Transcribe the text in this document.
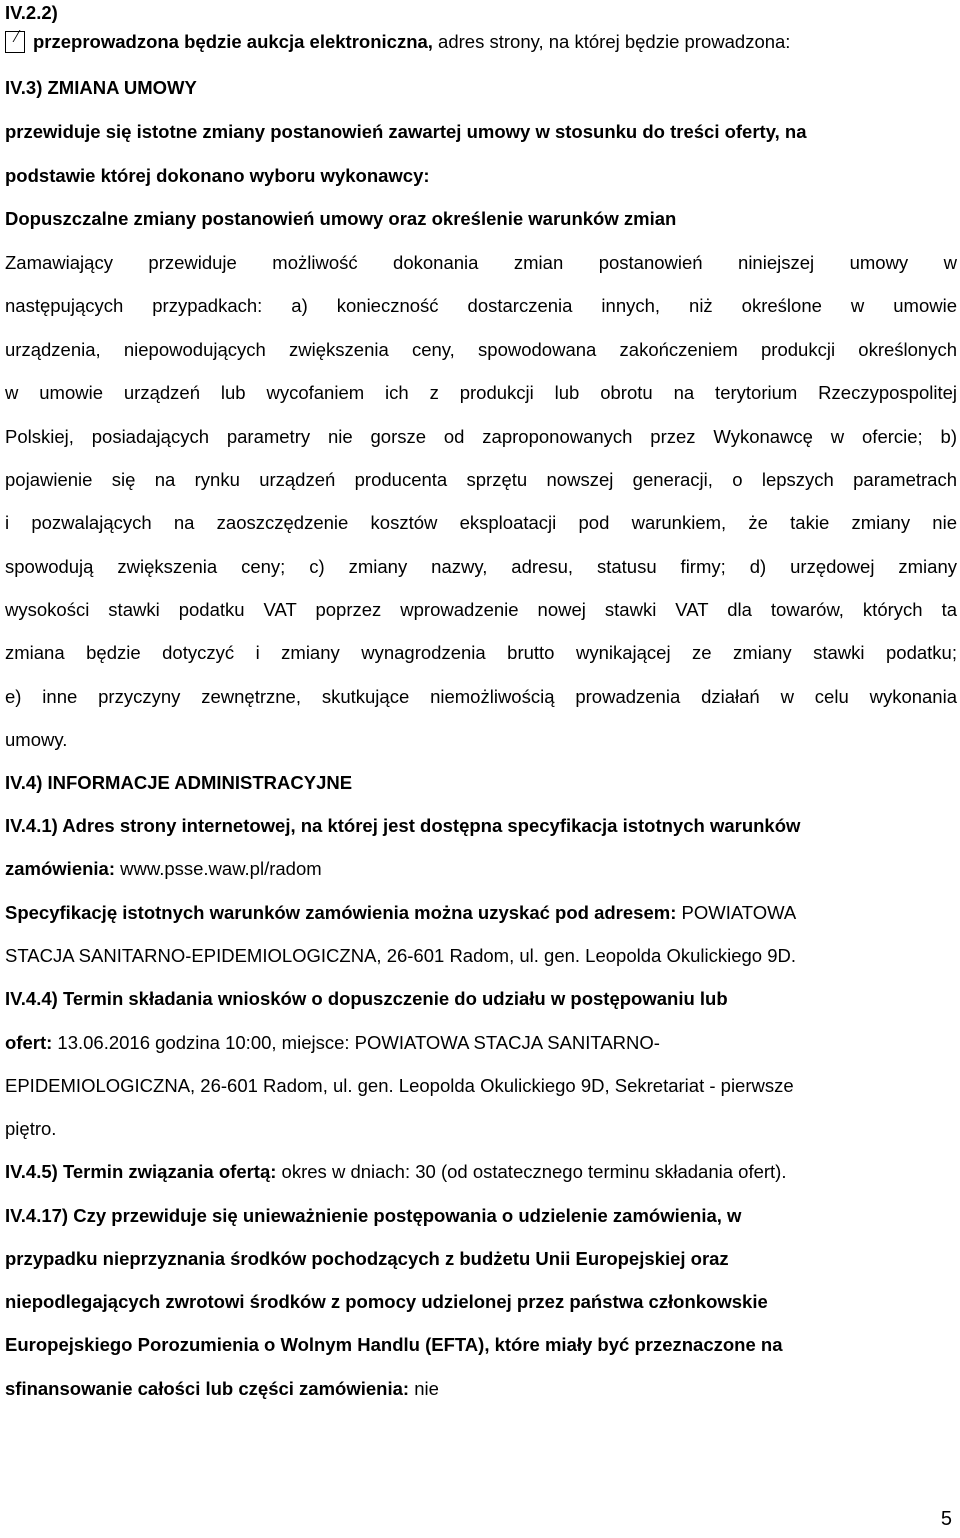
IV.2.2)
przeprowadzona będzie aukcja elektroniczna, adres strony, na której będzie prowadzona:
IV.3) ZMIANA UMOWY
przewiduje się istotne zmiany postanowień zawartej umowy w stosunku do treści oferty, na
podstawie której dokonano wyboru wykonawcy:
Dopuszczalne zmiany postanowień umowy oraz określenie warunków zmian
Zamawiający przewiduje możliwość dokonania zmian postanowień niniejszej umowy w
następujących przypadkach: a) konieczność dostarczenia innych, niż określone w umowie
urządzenia, niepowodujących zwiększenia ceny, spowodowana zakończeniem produkcji określonych
w umowie urządzeń lub wycofaniem ich z produkcji lub obrotu na terytorium Rzeczypospolitej
Polskiej, posiadających parametry nie gorsze od zaproponowanych przez Wykonawcę w ofercie; b)
pojawienie się na rynku urządzeń producenta sprzętu nowszej generacji, o lepszych parametrach
i pozwalających na zaoszczędzenie kosztów eksploatacji pod warunkiem, że takie zmiany nie
spowodują zwiększenia ceny; c) zmiany nazwy, adresu, statusu firmy; d) urzędowej zmiany
wysokości stawki podatku VAT poprzez wprowadzenie nowej stawki VAT dla towarów, których ta
zmiana będzie dotyczyć i zmiany wynagrodzenia brutto wynikającej ze zmiany stawki podatku;
e) inne przyczyny zewnętrzne, skutkujące niemożliwością prowadzenia działań w celu wykonania
umowy.
IV.4) INFORMACJE ADMINISTRACYJNE
IV.4.1) Adres strony internetowej, na której jest dostępna specyfikacja istotnych warunków
zamówienia: www.psse.waw.pl/radom
Specyfikację istotnych warunków zamówienia można uzyskać pod adresem: POWIATOWA
STACJA SANITARNO-EPIDEMIOLOGICZNA, 26-601 Radom, ul. gen. Leopolda Okulickiego 9D.
IV.4.4) Termin składania wniosków o dopuszczenie do udziału w postępowaniu lub
ofert: 13.06.2016 godzina 10:00, miejsce: POWIATOWA STACJA SANITARNO-
EPIDEMIOLOGICZNA, 26-601 Radom, ul. gen. Leopolda Okulickiego 9D, Sekretariat - pierwsze
piętro.
IV.4.5) Termin związania ofertą: okres w dniach: 30 (od ostatecznego terminu składania ofert).
IV.4.17) Czy przewiduje się unieważnienie postępowania o udzielenie zamówienia, w
przypadku nieprzyznania środków pochodzących z budżetu Unii Europejskiej oraz
niepodlegających zwrotowi środków z pomocy udzielonej przez państwa członkowskie
Europejskiego Porozumienia o Wolnym Handlu (EFTA), które miały być przeznaczone na
sfinansowanie całości lub części zamówienia: nie
5
